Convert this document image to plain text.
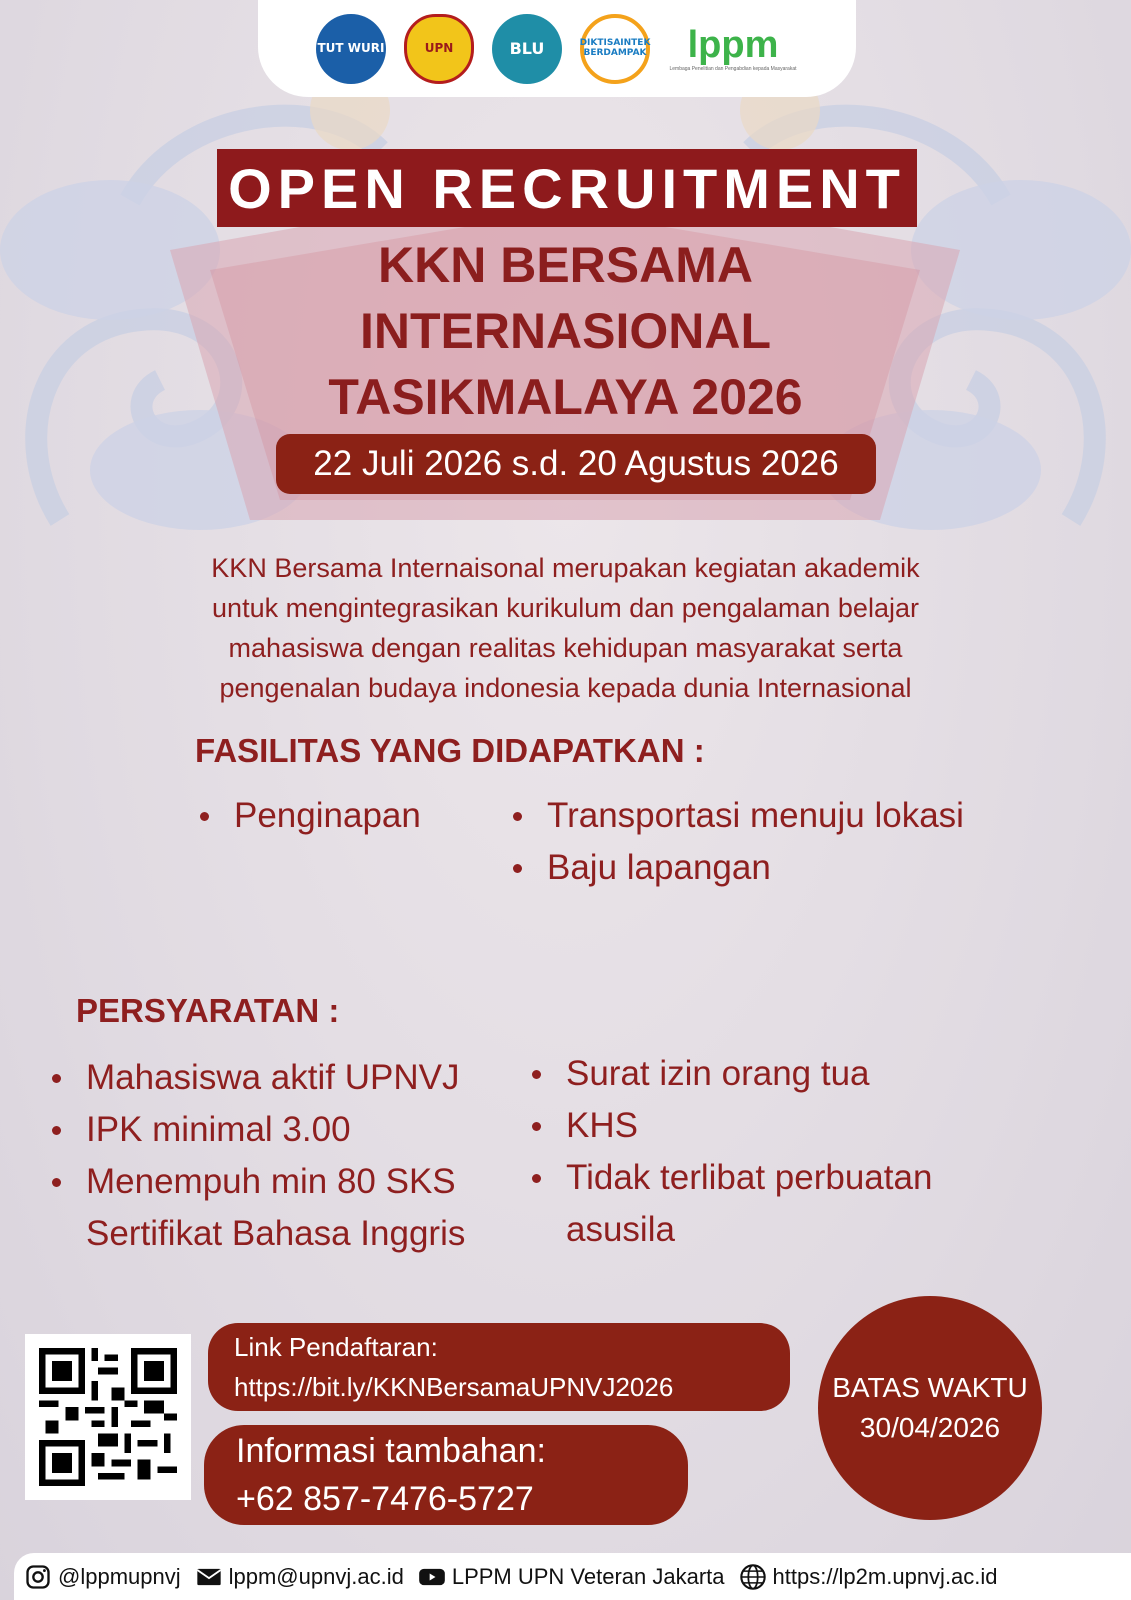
TUT WURI	UPN	BLU	DIKTISAINTEK BERDAMPAK lppm
Lembaga Penelitian dan Pengabdian kepada Masyarakat
OPEN RECRUITMENT
KKN BERSAMA
INTERNASIONAL
TASIKMALAYA 2026
22 Juli 2026 s.d. 20 Agustus 2026
KKN Bersama Internaisonal merupakan kegiatan akademik
untuk mengintegrasikan kurikulum dan pengalaman belajar
mahasiswa dengan realitas kehidupan masyarakat serta
pengenalan budaya indonesia kepada dunia Internasional
FASILITAS YANG DIDAPATKAN :
Penginapan	Transportasi menuju lokasi
Baju lapangan
PERSYARATAN :
Mahasiswa aktif UPNVJ
IPK minimal 3.00
Menempuh min 80 SKS
Sertifikat Bahasa Inggris
Surat izin orang tua
KHS
Tidak terlibat perbuatan
asusila
Link Pendaftaran:
https://bit.ly/KKNBersamaUPNVJ2026
Informasi tambahan:
+62 857-7476-5727
BATAS WAKTU
30/04/2026
@lppmupnvj lppm@upnvj.ac.id LPPM UPN Veteran Jakarta https://lp2m.upnvj.ac.id
